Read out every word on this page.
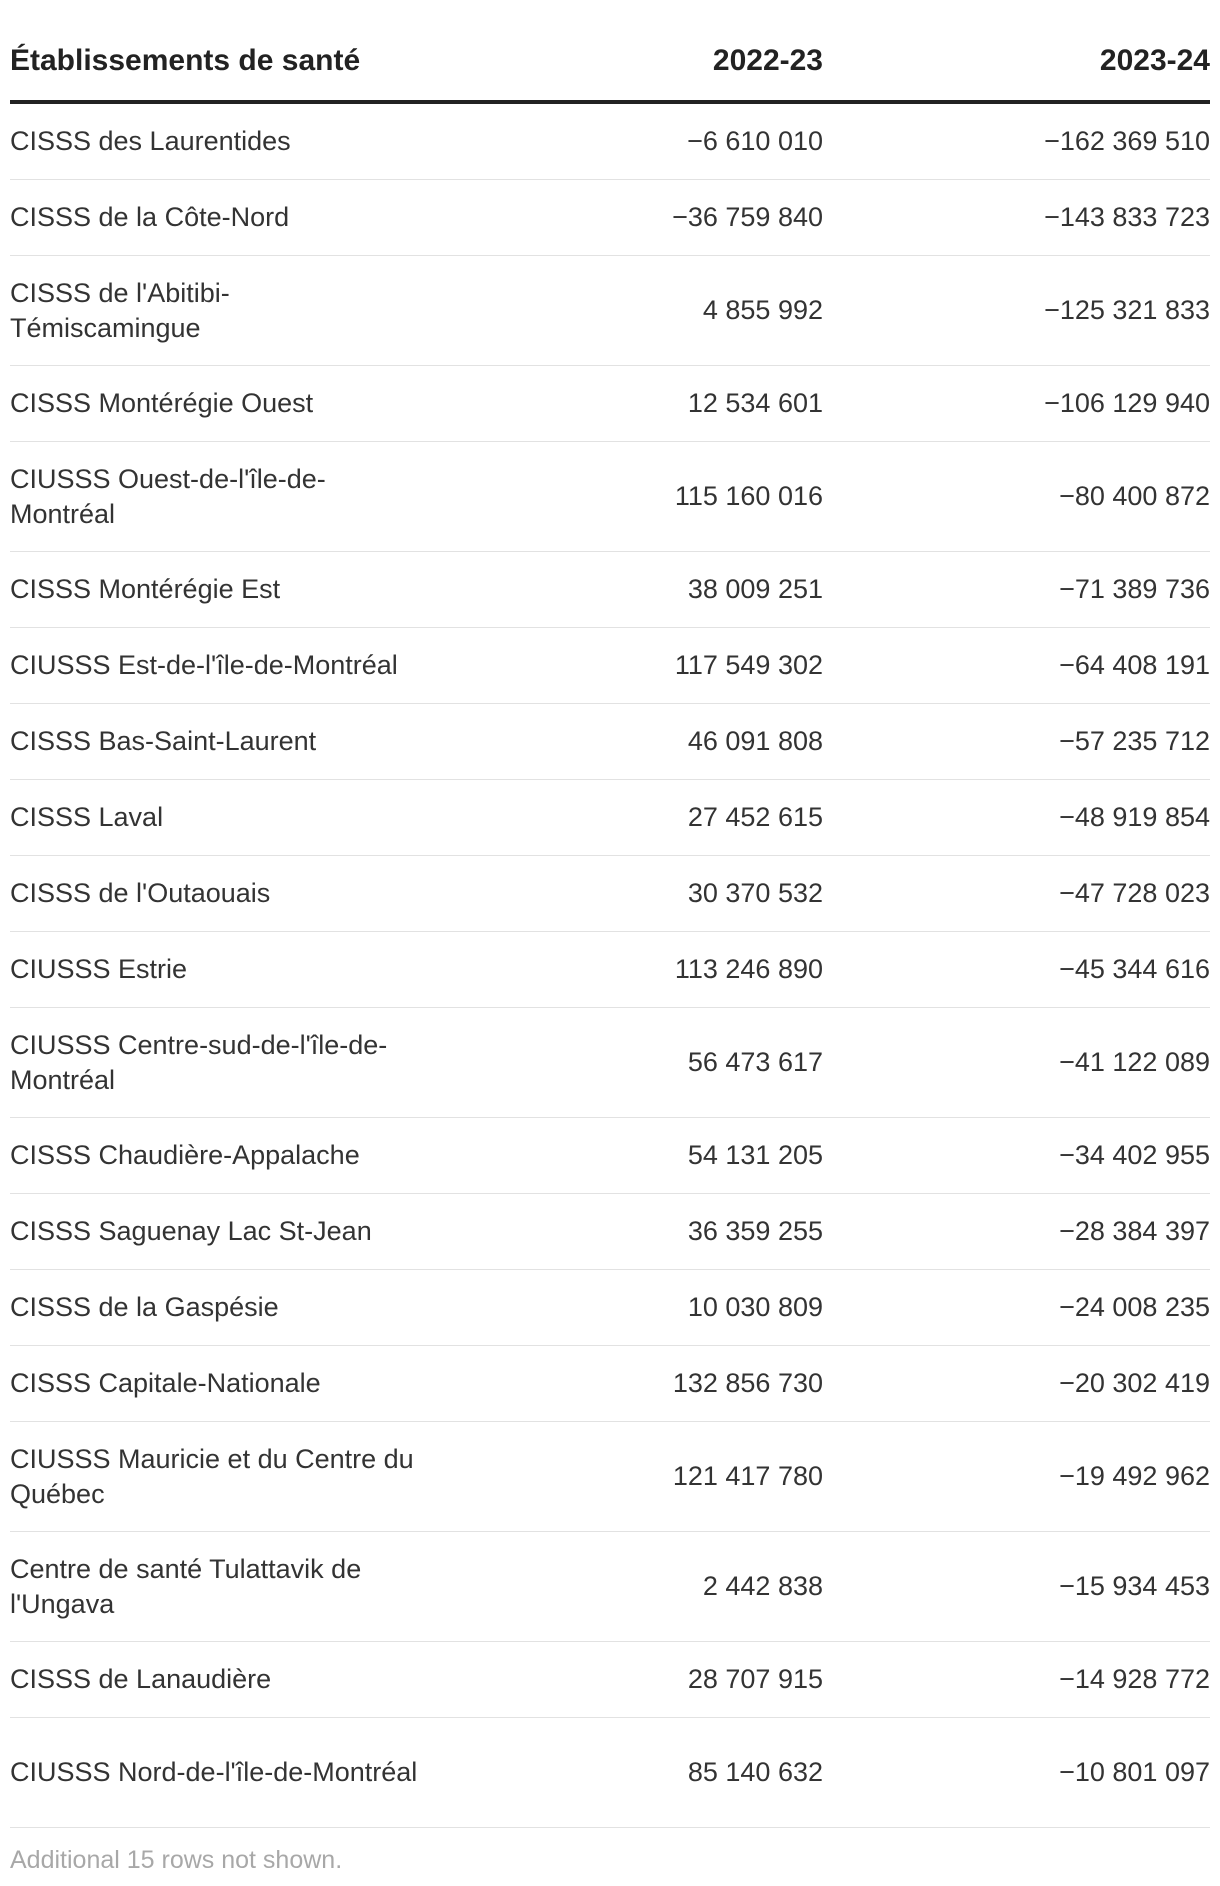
Établissements de santé	2022-23	2023-24
CISSS des Laurentides	−6 610 010	−162 369 510
CISSS de la Côte-Nord	−36 759 840	−143 833 723
CISSS de l'Abitibi-Témiscamingue	4 855 992	−125 321 833
CISSS Montérégie Ouest	12 534 601	−106 129 940
CIUSSS Ouest-de-l'île-de-Montréal	115 160 016	−80 400 872
CISSS Montérégie Est	38 009 251	−71 389 736
CIUSSS Est-de-l'île-de-Montréal	117 549 302	−64 408 191
CISSS Bas-Saint-Laurent	46 091 808	−57 235 712
CISSS Laval	27 452 615	−48 919 854
CISSS de l'Outaouais	30 370 532	−47 728 023
CIUSSS Estrie	113 246 890	−45 344 616
CIUSSS Centre-sud-de-l'île-de-Montréal	56 473 617	−41 122 089
CISSS Chaudière-Appalache	54 131 205	−34 402 955
CISSS Saguenay Lac St-Jean	36 359 255	−28 384 397
CISSS de la Gaspésie	10 030 809	−24 008 235
CISSS Capitale-Nationale	132 856 730	−20 302 419
CIUSSS Mauricie et du Centre du Québec	121 417 780	−19 492 962
Centre de santé Tulattavik de l'Ungava	2 442 838	−15 934 453
CISSS de Lanaudière	28 707 915	−14 928 772
CIUSSS Nord-de-l'île-de-Montréal	85 140 632	−10 801 097
Additional 15 rows not shown.
